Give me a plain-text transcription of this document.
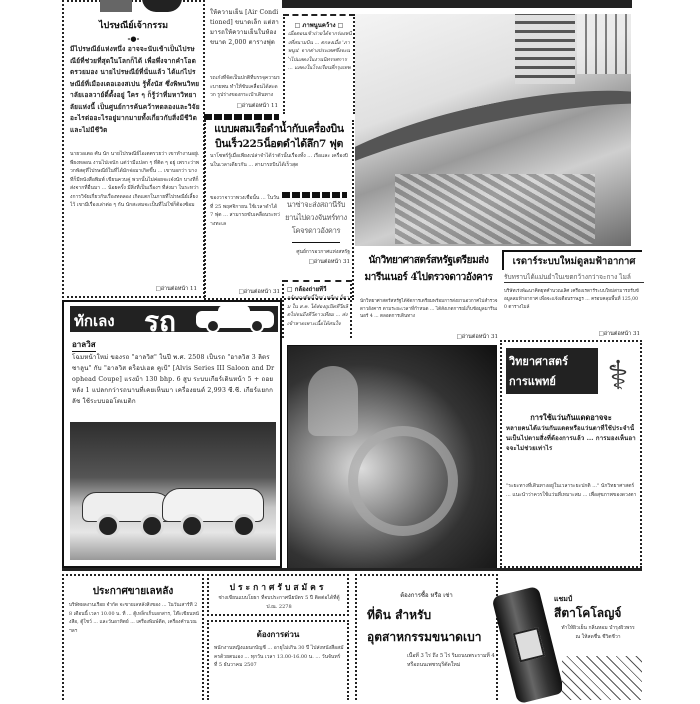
ไปรษณีย์เจ้ากรรม
-●-
มีไปรษณีย์แห่งหนึ่ง อาจจะนับเข้าเป็นไปรษณีย์ที่ช่วยที่สุดในโลกก็ได้ เพื่อพึ่งจากคำโอตตรวยมอง นายไปรษณีย์ที่นั่นแล้ว ได้แก่ไปรษณีย์ที่เมืองเตอเองสเปน รู้ทั้งนัส ซึ่งพิพนวิทยาลัยเอลวาย์ดิ์ตั้งอยู่ ใคร ๆ ก็รู้ว่าที่มหาวิทยาลัยแห่งนี้ เป็นศูนย์การค้นคว้าทดลองและวิจัยอะไรต่ออะไรอยู่มากมายทั้งเกี่ยวกับสิ่งมีชีวิตและไม่มีชีวิต
นายวอเตอ ศัน นัก นายไปรษณีย์ไอเตตรวยว่า เขาทำงานอยู่เพียงหลอน งานไปเจนัก แต่ว่ามีแปลก ๆ ที่ติด ๆ อยู่ เพราะว่าพวกพัสดุที่ไปรษณีย์ในที่ได้มักจ่อมาเกิดขึ้น ... เขาบอกว่า บางทีก็มีหนังสือพิมพ์ เขียนควบคู่ พวกนั้นไม่ค่อยจะเจ๋งนัก บางทีก็ส่งจากที่อื่นมา ... น้อยครั้ง มีสิ่งที่เป็นเรื่องฯ ที่ส่งมา ในระหว่างการวิจัยเกี่ยวกับเรื่องทดลอง เกิดแตกในภายที่ไปรษณีย์เลี้ยงไว้ เขามีเรื่องเล่าต่อ ๆ กัน นักสะสมจะเป็นที่ไม่ใช่ก็ต้องซ้อม
□ อ่านต่อหน้า 11
ให้ความเย็น [Air Conditioned] ขนาดเล็ก แต่สามารถให้ความเย็นในห้องขนาด 2,000 ตารางฟุต
รถเก๋งที่จัดเป็นปกติที่บรรจุความระบายพน ทำให้ขับเคลื่อนได้สะดวก รูปร่างของกระเป๋าเดินทาง
□ อ่านต่อหน้า 11
□ ภาพนูนคว้าง □
เมื่อตอนเช้าถ่ายได้จากร่องหนึ่งที่สนามบิน ... ตกลงเมื่อ 'ภาพนูน' จากต่างประเทศซึ่งจะนำไปแสดงในงานนิทรรศการ ... แสดงในโรงเรียนที่กรุงเทพ
แบบผสมเรือดำน้ำกับเครื่องบิน
บินเร็ว225น็อตดำได้ลึก7 ฟุต
นาโซพร์รู้เมื่อเพียงเปล่าจำได้ว่าตัวนั้นเรื่องทั้ง ... เรือและ เครื่องบินในเวลาเดียวกัน ... สามารถบินได้เร็วสุด
ของวาจาวาพวงเชื่อนั้น ... ในวันที่ 25 พฤศจิกายน ใช้เวลาดำได้ 7 ฟุต ... สามารถขับเคลื่อนระหว่างทะเล
□ อ่านต่อหน้า 31
นาซ่าจะส่งสถานีรับยานไปดวงจันทร์ทางโคจรดาวอังคาร
ศูนย์การอวกาศแห่งสหรัฐ
□ อ่านต่อหน้า 31	นักวิทยาศาสตร์สหรัฐเตรียมส่ง
มารีนเนอร์ 4ไปตรวจดาวอังคาร
นักวิทยาศาสตร์สหรัฐได้จัดการเตรียมพร้อมการส่งยานอวกาศไปสำรวจ ดาวอังคาร ตามระยะเวลาที่กำหนด ... ได้สังเกตการณ์เก็บข้อมูลมารีนเนอร์ 4 ... ตลอดการเดินทาง
□ อ่านต่อหน้า 31
เรดาร์ระบบใหม่ดูลมฟ้าอากาศ
รับทราบได้แม่นยำในเขตกว้างกว่าจะกาง ไมล์
บริษัทเร่งพัฒนาคิดยุทคำนวณเลิศ เครื่องเรดาร์ระบบใหม่สามารถรับข้อมูลลมฟ้าอากาศ เพื่อจะแจ้งเตือนราษฎร ... ครอบคลุมพื้นที่ 125,000 ตารางไมล์
□ อ่านต่อหน้า 31
□ กล้องถ่ายทีวี
กล้องถุงตัดนี้ใหม่ เหลือง ก็ตาม ใน ส.ค. ได้ส่องถูเปิดทีวีผลิตไปจนถึงทีวีดาวเทียม ... ส่งเข้าหาดเพาะเนื้อได้สนใจ
ทักเลง รถ
อาลวิส
โฉมหน้าใหม่ ของรถ "อาลวิส" ในปี พ.ศ. 2508 เป็นรถ "อาลวิส 3 ลิตร ซาลูน" กับ "อาลวิส ดร็อปเฮด คูเป้" [Alvis Series III Saloon and Drophead Coupe] แรงม้า 130 bhp. 6 สูบ ระบบเกียร์เดินหน้า 5 + ถอยหลัง 1 แปลกกว่ารถนานที่เคยเห็นมา เครื่องยนต์ 2,993 ซี.ซี. เกียร์แยกกลัช ใช้ระบบออโตเมติก
วิทยาศาสตร์
การแพทย์ ⚕
การใช้แว่นกันแดดอาจจะ
หลายคนได้แว่นกันแดดหรือแว่นตาที่ใช้ประจำนั้นเป็นไปตามสิ่งที่ต้องการแล้ว ... การมองเห็นอาจจะไม่ช่วยเท่าไร
"ระยะทางที่เดินทางอยู่ในเวลาระยะปกติ ..." นักวิทยาศาสตร์ ... แนะนำว่าควรใช้แว่นที่เหมาะสม ... เพื่อสุขภาพของดวงตา
ประกาศขายเลหลัง
บริษัทผลงานเรือย จำกัด จะขายเลหลังสิ่งของ ... ในวันเสาร์ที่ 28 เดือนนี้ เวลา 10.00 น. ที่ ... ตู้เหล็กเก็บเอกสาร, โต๊ะเขียนหนังสือ, ตู้โชว์ ... และวันอาทิตย์ ... เครื่องพิมพ์ดีด, เครื่องคำนวณ ฯลฯ
ประกาศรับสมัคร
ช่างเขียนแบบโยธา ที่จบประกาศนียบัตร 5 ปี ติดต่อได้ที่ตู้ ป.ณ. 2278
ต้องการด่วน
พนักงานหญิงแผนกบัญชี ... อายุไม่เกิน 30 ปี ไปส่งหนังสือสมัครด้วยตนเอง ... ทุกวัน เวลา 13.00-16.00 น. ... วันจันทร์ ที่ 5 ธันวาคม 2507
ต้องการซื้อ หรือ เช่า
ที่ดิน สำหรับ
อุตสาหกรรมขนาดเบา
เนื้อที่ 3 ไร่ ถึง 5 ไร่ ริมถนนพระรามที่ 4 หรือถนนเพชรบุรีตัดใหม่
แชมป์
สีตาโคโลญจ์
ทำให้ผิวเย็น กลิ่นหอม บำรุงผิวพรรณ ให้สดชื่น ชีวิตชีวา
